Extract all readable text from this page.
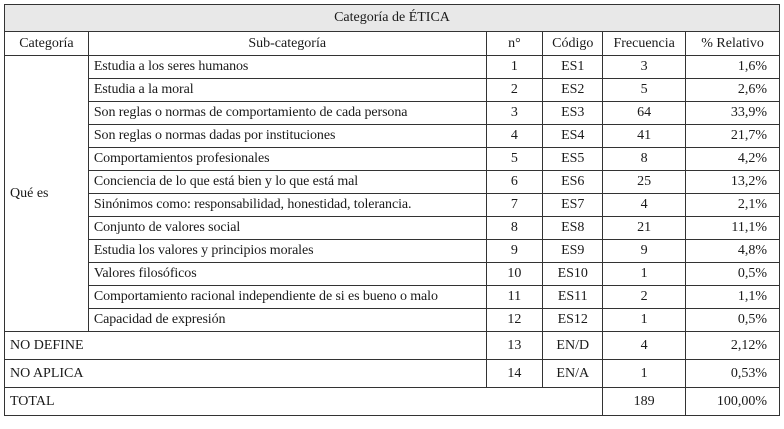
Categoría de ÉTICA					
Categoría	Sub-categoría	n°	Código	Frecuencia	% Relativo
Qué es	Estudia a los seres humanos	1	ES1	3	1,6%
	Estudia a la moral	2	ES2	5	2,6%
	Son reglas o normas de comportamiento de cada persona	3	ES3	64	33,9%
	Son reglas o normas dadas por instituciones	4	ES4	41	21,7%
	Comportamientos profesionales	5	ES5	8	4,2%
	Conciencia de lo que está bien y lo que está mal	6	ES6	25	13,2%
	Sinónimos como: responsabilidad, honestidad, tolerancia.	7	ES7	4	2,1%
	Conjunto de valores social	8	ES8	21	11,1%
	Estudia los valores y principios morales	9	ES9	9	4,8%
	Valores filosóficos	10	ES10	1	0,5%
	Comportamiento racional independiente de si es bueno o malo	11	ES11	2	1,1%
	Capacidad de expresión	12	ES12	1	0,5%
NO DEFINE		13	EN/D	4	2,12%
NO APLICA		14	EN/A	1	0,53%
TOTAL				189	100,00%
